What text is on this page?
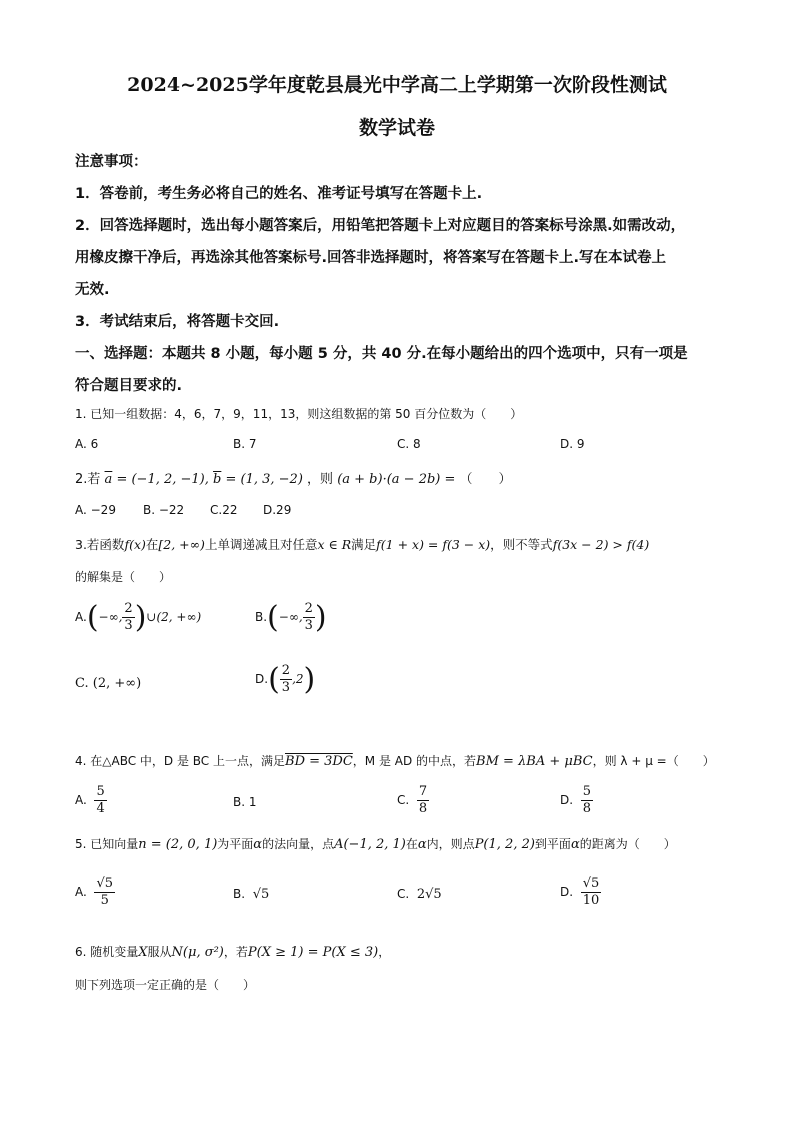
2024~2025学年度乾县晨光中学高二上学期第一次阶段性测试
数学试卷
注意事项：
1．答卷前，考生务必将自己的姓名、准考证号填写在答题卡上.
2．回答选择题时，选出每小题答案后，用铅笔把答题卡上对应题目的答案标号涂黑.如需改动，
用橡皮擦干净后，再选涂其他答案标号.回答非选择题时，将答案写在答题卡上.写在本试卷上
无效.
3．考试结束后，将答题卡交回.
一、选择题：本题共 8 小题，每小题 5 分，共 40 分.在每小题给出的四个选项中，只有一项是
符合题目要求的.
1. 已知一组数据：4，6，7，9，11，13，则这组数据的第 50 百分位数为（　　）
A. 6	B. 7	C. 8	D. 9
2.若 $\overline{a} = (-1$, 2, −1), $\overline{b} = (1$, 3, −2) ，则 (a + b)·(a − 2b) = （　　）
A. −29 B. −22 C.22 D.29
3.若函数f(x)在[2, +∞)上单调递减且对任意x ∈ R满足f(1 + x) = f(3 − x)，则不等式f(3x − 2) > f(4)
的解集是（　　）
A.(−∞, $\frac{2}{3}$ )∪(2, +∞)	B.(−∞, $\frac{2}{3}$ )
C. (2, +∞)	$D.( \frac{2}{3} ,2)$
4. 在△ABC 中，D 是 BC 上一点，满足BD = 3DC，M 是 AD 的中点，若BM = λBA + μBC，则 λ + μ =（　　）
A. $\frac{5}{4}$	B. 1	C. $\frac{7}{8}$	D. $\frac{5}{8}$
5. 已知向量n = (2, 0, 1)为平面α的法向量，点A(−1, 2, 1)在α内，则点P(1, 2, 2)到平面α的距离为（　　）
A. $\frac{√5}{5}$	B. √5	C. 2√5	D. $\frac{√5}{10}$
6. 随机变量X服从N(μ, σ²)，若P(X ≥ 1) = P(X ≤ 3)，
则下列选项一定正确的是（　　）
